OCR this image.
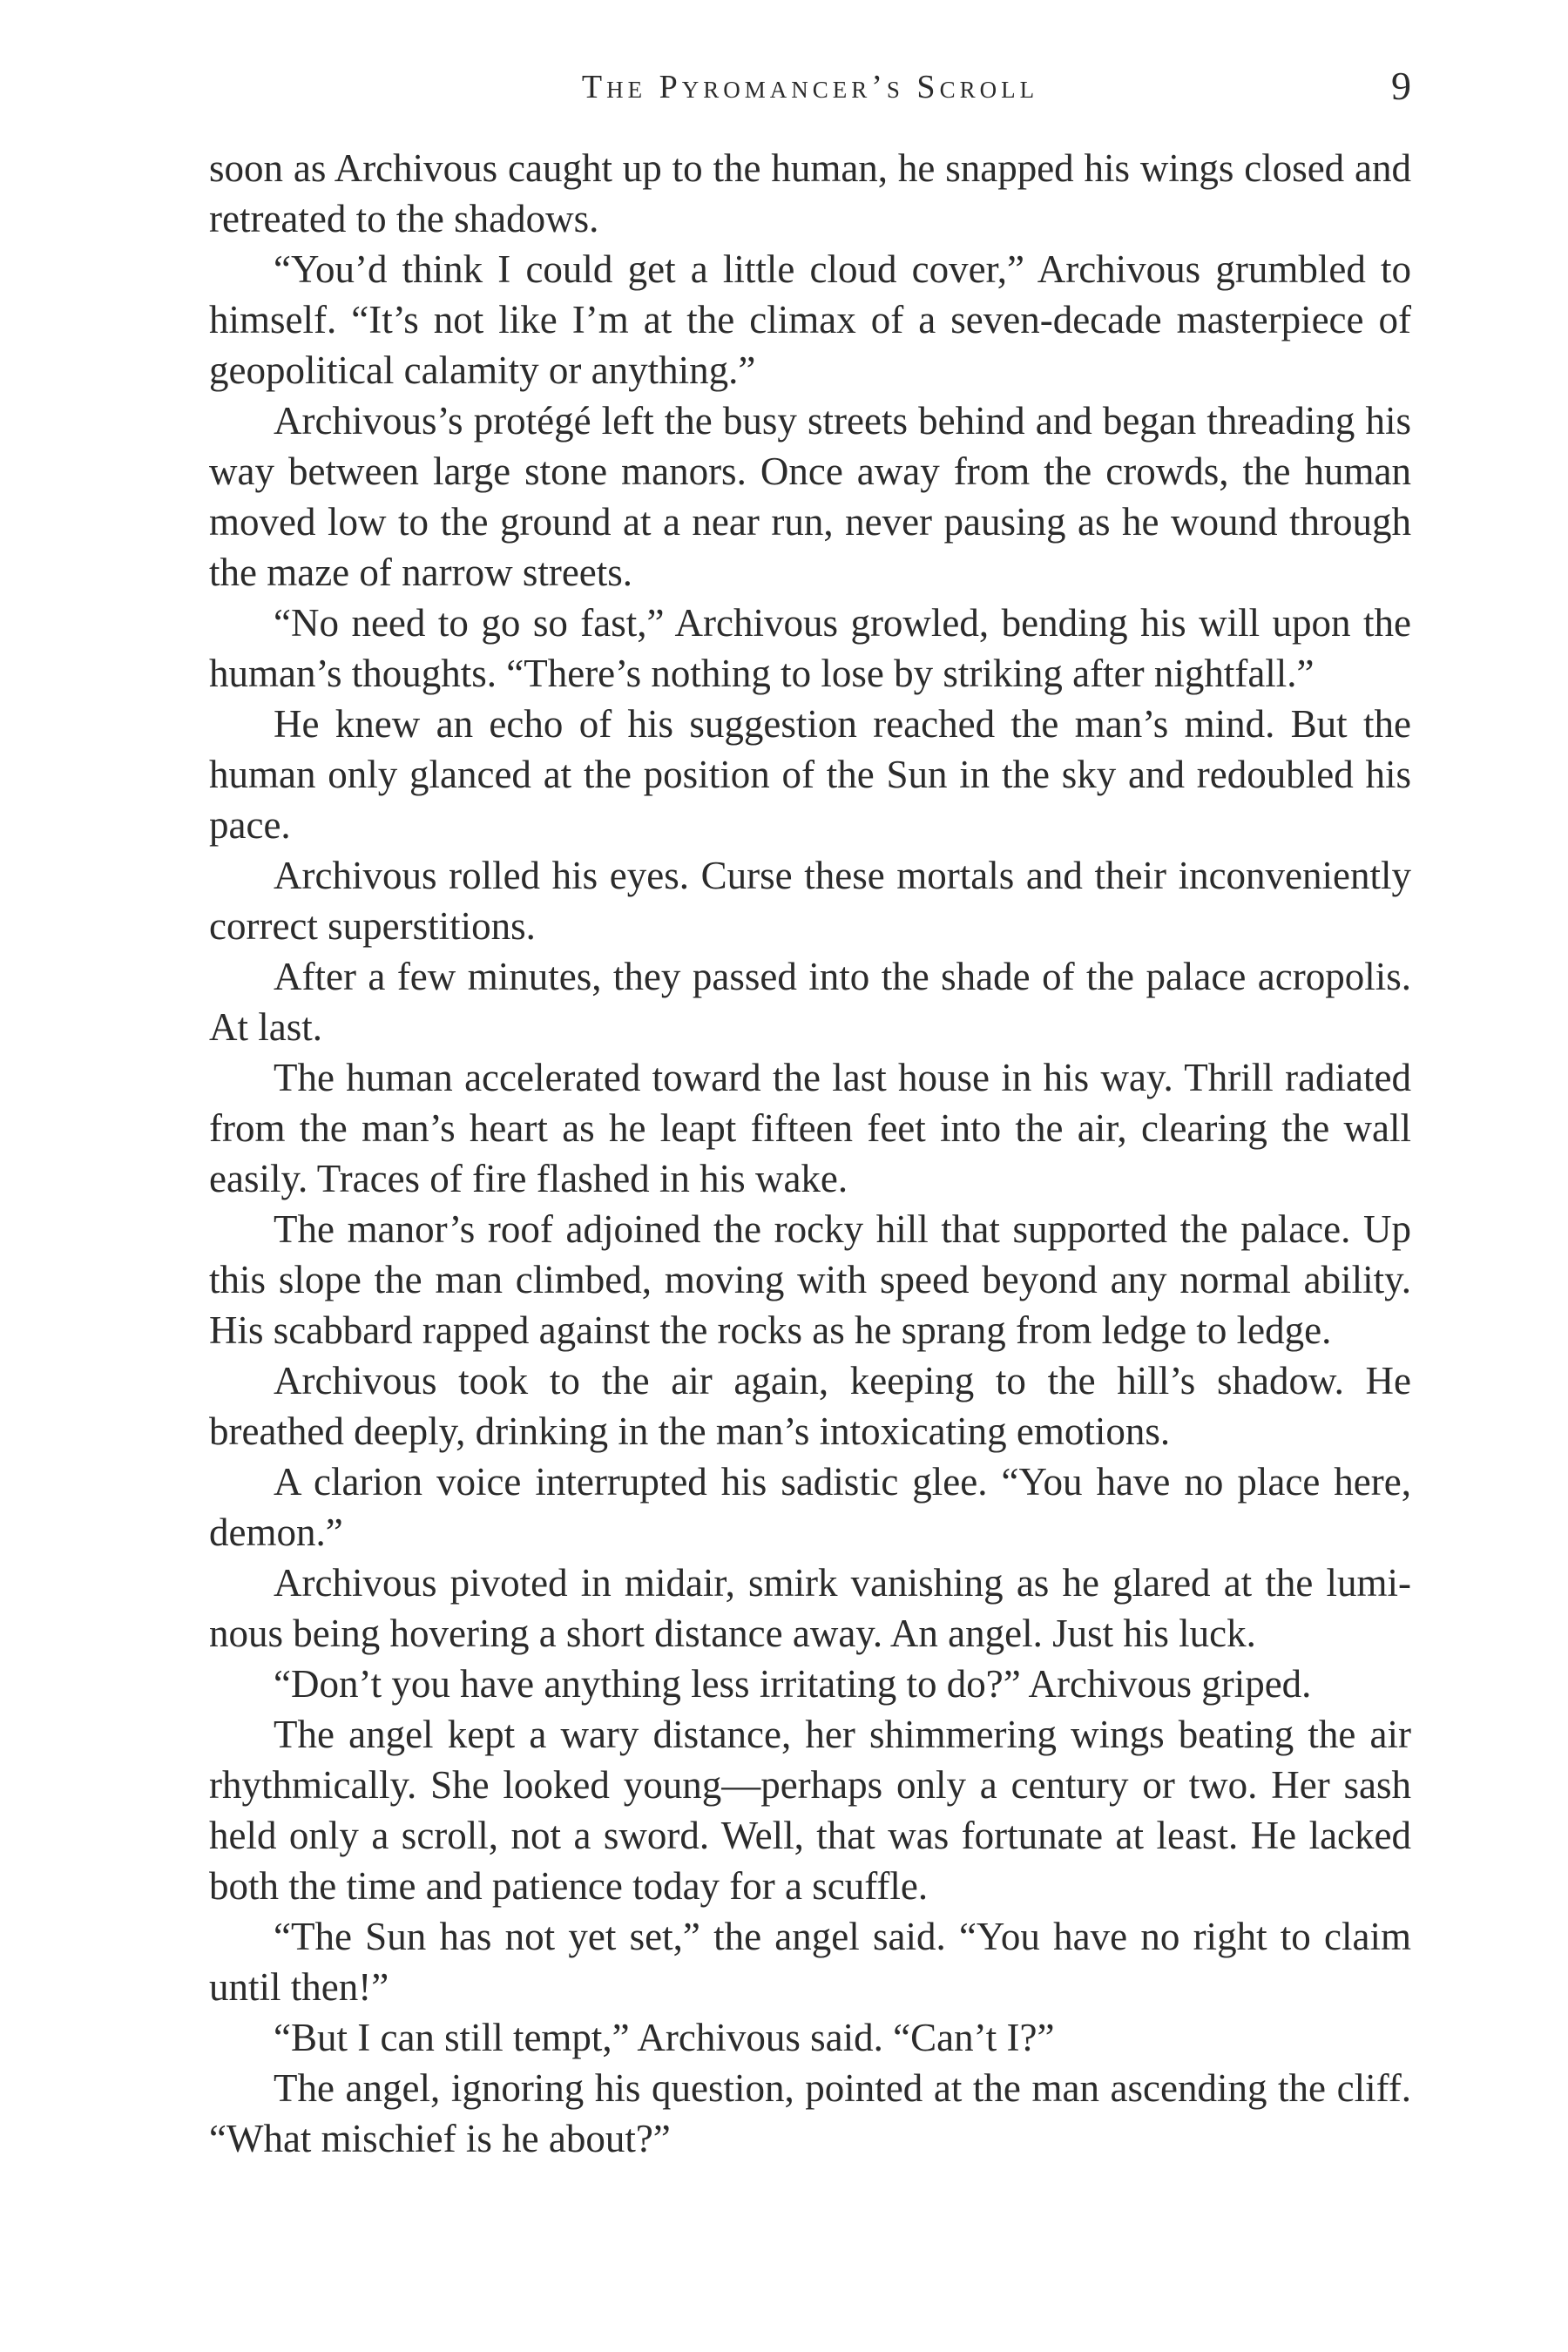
The Pyromancer’s Scroll	9

soon as Archivous caught up to the human, he snapped his wings closed and retreated to the shadows.

“You’d think I could get a little cloud cover,” Archivous grumbled to himself. “It’s not like I’m at the climax of a seven-decade masterpiece of geopolitical calamity or anything.”

Archivous’s protégé left the busy streets behind and began threading his way between large stone manors. Once away from the crowds, the human moved low to the ground at a near run, never pausing as he wound through the maze of narrow streets.

“No need to go so fast,” Archivous growled, bending his will upon the human’s thoughts. “There’s nothing to lose by striking after nightfall.”

He knew an echo of his suggestion reached the man’s mind. But the human only glanced at the position of the Sun in the sky and redoubled his pace.

Archivous rolled his eyes. Curse these mortals and their inconveniently correct superstitions.

After a few minutes, they passed into the shade of the palace acropolis. At last.

The human accelerated toward the last house in his way. Thrill radiated from the man’s heart as he leapt fifteen feet into the air, clearing the wall easily. Traces of fire flashed in his wake.

The manor’s roof adjoined the rocky hill that supported the palace. Up this slope the man climbed, moving with speed beyond any normal ability. His scabbard rapped against the rocks as he sprang from ledge to ledge.

Archivous took to the air again, keeping to the hill’s shadow. He breathed deeply, drinking in the man’s intoxicating emotions.

A clarion voice interrupted his sadistic glee. “You have no place here, demon.”

Archivous pivoted in midair, smirk vanishing as he glared at the luminous being hovering a short distance away. An angel. Just his luck.

“Don’t you have anything less irritating to do?” Archivous griped.

The angel kept a wary distance, her shimmering wings beating the air rhythmically. She looked young—perhaps only a century or two. Her sash held only a scroll, not a sword. Well, that was fortunate at least. He lacked both the time and patience today for a scuffle.

“The Sun has not yet set,” the angel said. “You have no right to claim until then!”

“But I can still tempt,” Archivous said. “Can’t I?”

The angel, ignoring his question, pointed at the man ascending the cliff. “What mischief is he about?”
